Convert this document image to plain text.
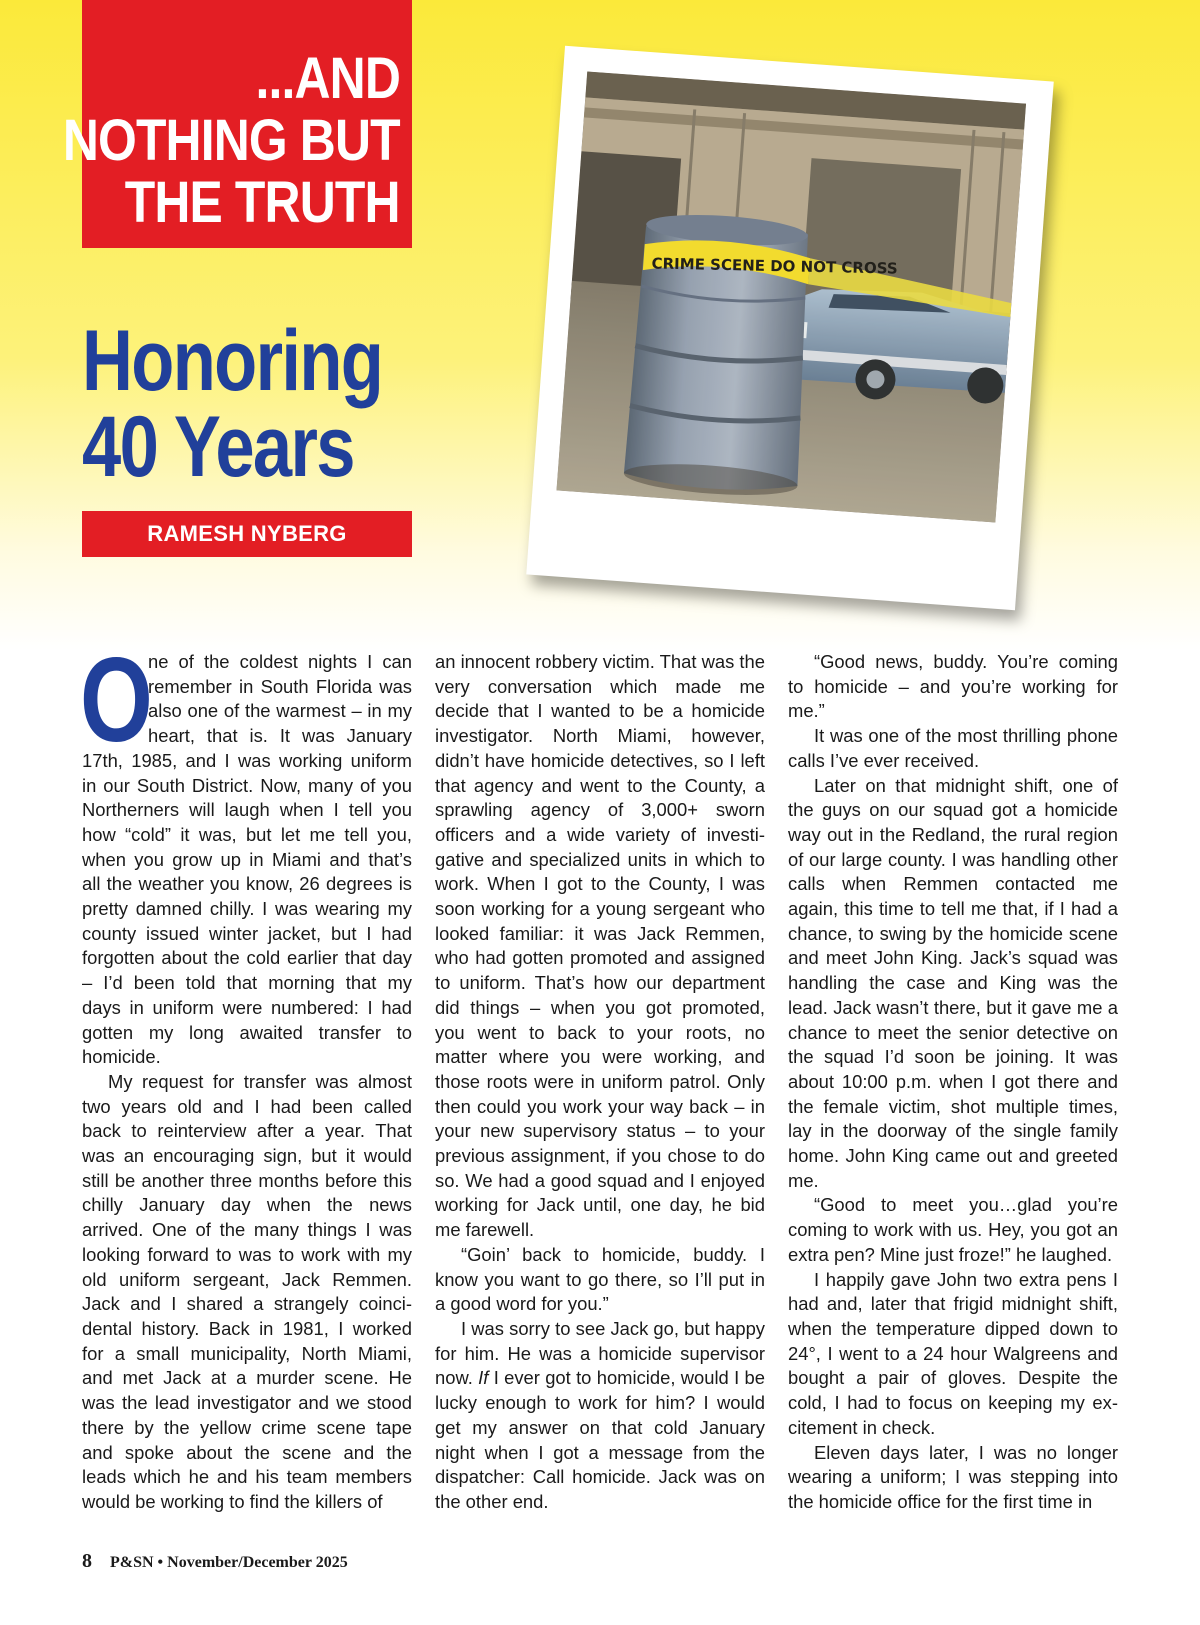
...AND
NOTHING BUT
THE TRUTH
Honoring
40 Years
RAMESH NYBERG
CRIME SCENE DO NOT CROSS

O
ne of the coldest nights I can remember in South Florida was also one of the warmest – in my heart, that is. It was January 17th, 1985, and I was working uniform in our South District. Now, many of you Northerners will laugh when I tell you how “cold” it was, but let me tell you, when you grow up in Miami and that’s all the weather you know, 26 degrees is pretty damned chilly. I was wearing my county issued winter jacket, but I had forgotten about the cold earlier that day – I’d been told that morning that my days in uniform were numbered: I had gotten my long awaited transfer to homicide.

My request for transfer was almost two years old and I had been called back to reinterview after a year. That was an encouraging sign, but it would still be another three months before this chilly January day when the news arrived. One of the many things I was looking forward to was to work with my old uniform sergeant, Jack Remmen. Jack and I shared a strangely coincidental history. Back in 1981, I worked for a small municipality, North Miami, and met Jack at a murder scene. He was the lead investigator and we stood there by the yellow crime scene tape and spoke about the scene and the leads which he and his team members would be working to find the killers of

an innocent robbery victim. That was the very conversation which made me decide that I wanted to be a homicide investigator. North Miami, however, didn’t have homicide detectives, so I left that agency and went to the County, a sprawling agency of 3,000+ sworn officers and a wide variety of investigative and specialized units in which to work. When I got to the County, I was soon working for a young sergeant who looked familiar: it was Jack Remmen, who had gotten promoted and assigned to uniform. That’s how our department did things – when you got promoted, you went to back to your roots, no matter where you were working, and those roots were in uniform patrol. Only then could you work your way back – in your new supervisory status – to your previous assignment, if you chose to do so. We had a good squad and I enjoyed working for Jack until, one day, he bid me farewell.

“Goin’ back to homicide, buddy. I know you want to go there, so I’ll put in a good word for you.”

I was sorry to see Jack go, but happy for him. He was a homicide supervisor now. If I ever got to homicide, would I be lucky enough to work for him? I would get my answer on that cold January night when I got a message from the dispatcher: Call homicide. Jack was on the other end.

“Good news, buddy. You’re coming to homicide – and you’re working for me.”

It was one of the most thrilling phone calls I’ve ever received.

Later on that midnight shift, one of the guys on our squad got a homicide way out in the Redland, the rural region of our large county. I was handling other calls when Remmen contacted me again, this time to tell me that, if I had a chance, to swing by the homicide scene and meet John King. Jack’s squad was handling the case and King was the lead. Jack wasn’t there, but it gave me a chance to meet the senior detective on the squad I’d soon be joining. It was about 10:00 p.m. when I got there and the female victim, shot multiple times, lay in the doorway of the single family home. John King came out and greeted me.

“Good to meet you…glad you’re coming to work with us. Hey, you got an extra pen? Mine just froze!” he laughed.

I happily gave John two extra pens I had and, later that frigid midnight shift, when the temperature dipped down to 24°, I went to a 24 hour Walgreens and bought a pair of gloves. Despite the cold, I had to focus on keeping my excitement in check.

Eleven days later, I was no longer wearing a uniform; I was stepping into the homicide office for the first time in

8 P&SN • November/December 2025
